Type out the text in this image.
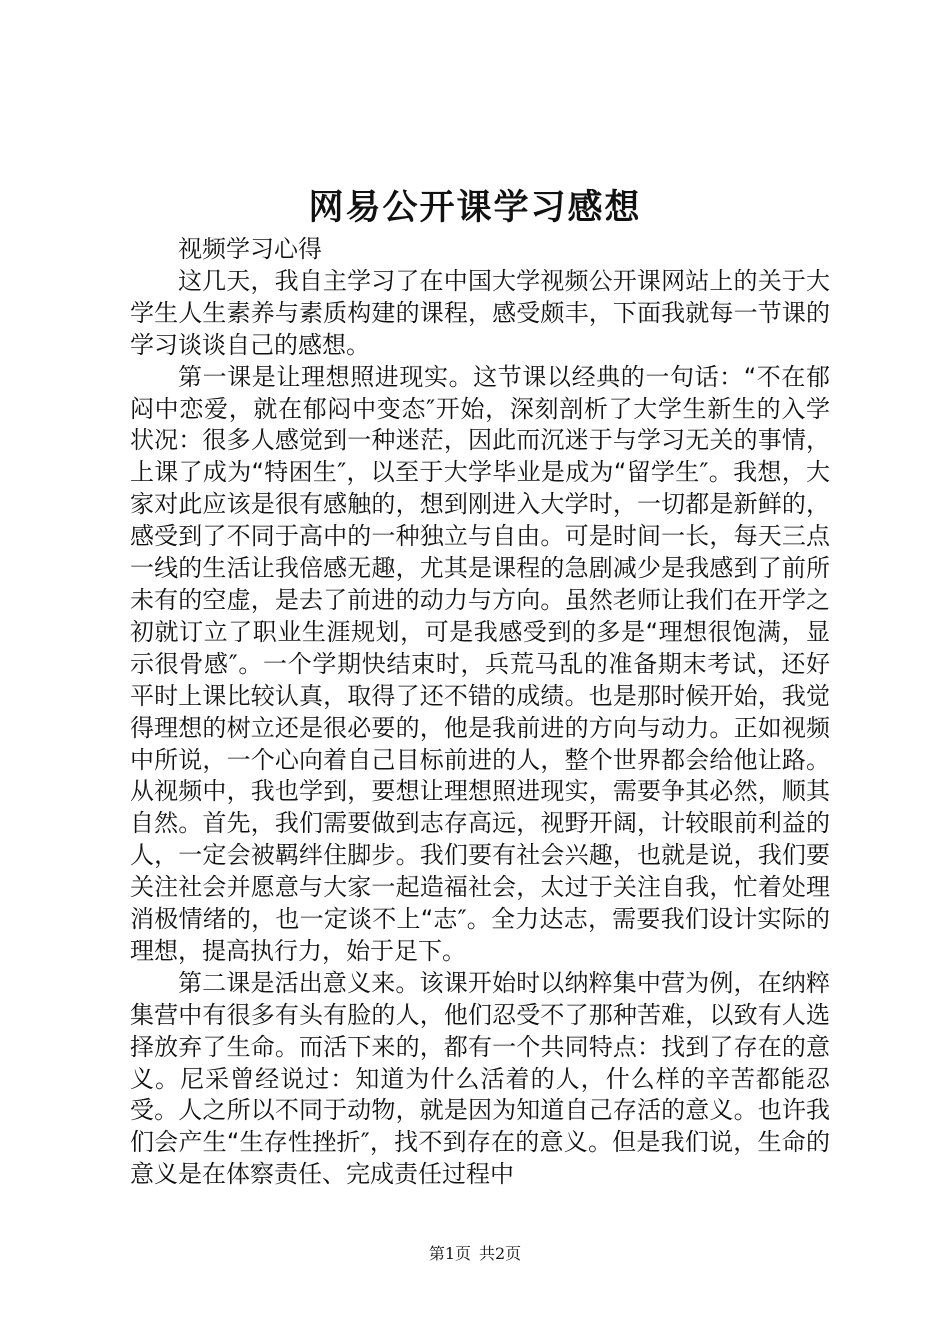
网易公开课学习感想

视频学习心得

这几天，我自主学习了在中国大学视频公开课网站上的关于大学生人生素养与素质构建的课程，感受颇丰，下面我就每一节课的学习谈谈自己的感想。

第一课是让理想照进现实。这节课以经典的一句话：“不在郁闷中恋爱，就在郁闷中变态″开始，深刻剖析了大学生新生的入学状况：很多人感觉到一种迷茫，因此而沉迷于与学习无关的事情，上课了成为“特困生″，以至于大学毕业是成为“留学生″。我想，大家对此应该是很有感触的，想到刚进入大学时，一切都是新鲜的，感受到了不同于高中的一种独立与自由。可是时间一长，每天三点一线的生活让我倍感无趣，尤其是课程的急剧减少是我感到了前所未有的空虚，是去了前进的动力与方向。虽然老师让我们在开学之初就订立了职业生涯规划，可是我感受到的多是“理想很饱满，显示很骨感″。一个学期快结束时，兵荒马乱的准备期末考试，还好平时上课比较认真，取得了还不错的成绩。也是那时候开始，我觉得理想的树立还是很必要的，他是我前进的方向与动力。正如视频中所说，一个心向着自己目标前进的人，整个世界都会给他让路。从视频中，我也学到，要想让理想照进现实，需要争其必然，顺其自然。首先，我们需要做到志存高远，视野开阔，计较眼前利益的人，一定会被羁绊住脚步。我们要有社会兴趣，也就是说，我们要关注社会并愿意与大家一起造福社会，太过于关注自我，忙着处理消极情绪的，也一定谈不上“志″。全力达志，需要我们设计实际的理想，提高执行力，始于足下。

第二课是活出意义来。该课开始时以纳粹集中营为例，在纳粹集营中有很多有头有脸的人，他们忍受不了那种苦难，以致有人选择放弃了生命。而活下来的，都有一个共同特点：找到了存在的意义。尼采曾经说过：知道为什么活着的人，什么样的辛苦都能忍受。人之所以不同于动物，就是因为知道自己存活的意义。也许我们会产生“生存性挫折″，找不到存在的意义。但是我们说，生命的意义是在体察责任、完成责任过程中

第1页 共2页
